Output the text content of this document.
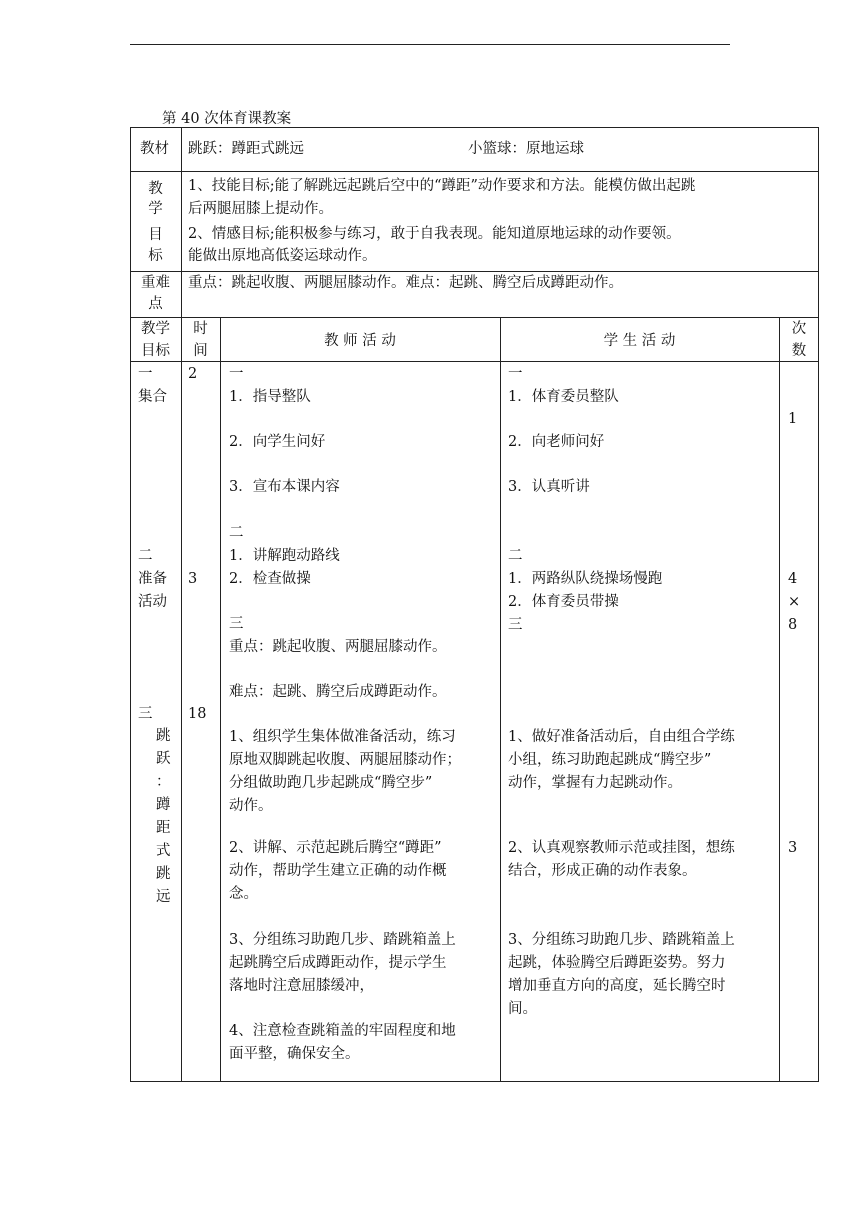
第 40 次体育课教案
教材 跳跃：蹲距式跳远	小篮球：原地运球
教
学
目
标
1、技能目标;能了解跳远起跳后空中的“蹲距”动作要求和方法。能模仿做出起跳
后两腿屈膝上提动作。
2、情感目标;能积极参与练习，敢于自我表现。能知道原地运球的动作要领。
能做出原地高低姿运球动作。
重难
点
重点：跳起收腹、两腿屈膝动作。难点：起跳、腾空后成蹲距动作。
教学
目标
时
间
教 师 活 动	学 生 活 动
次
数
一
集合
二
准备
活动
三
跳
跃
：
蹲
距
式
跳
远
2
3
18
一
1．指导整队
2．向学生问好
3．宣布本课内容
二
1．讲解跑动路线
2．检查做操
三
重点：跳起收腹、两腿屈膝动作。
难点：起跳、腾空后成蹲距动作。
1、组织学生集体做准备活动，练习
原地双脚跳起收腹、两腿屈膝动作；
分组做助跑几步起跳成“腾空步”
动作。
2、讲解、示范起跳后腾空“蹲距”
动作，帮助学生建立正确的动作概
念。
3、分组练习助跑几步、踏跳箱盖上
起跳腾空后成蹲距动作，提示学生
落地时注意屈膝缓冲，
4、注意检查跳箱盖的牢固程度和地
面平整，确保安全。
一
1．体育委员整队
2．向老师问好
3．认真听讲
二
1．两路纵队绕操场慢跑
2．体育委员带操
三
1、做好准备活动后，自由组合学练
小组，练习助跑起跳成“腾空步”
动作，掌握有力起跳动作。
2、认真观察教师示范或挂图，想练
结合，形成正确的动作表象。
3、分组练习助跑几步、踏跳箱盖上
起跳，体验腾空后蹲距姿势。努力
增加垂直方向的高度，延长腾空时
间。
1
4
×
8
3
